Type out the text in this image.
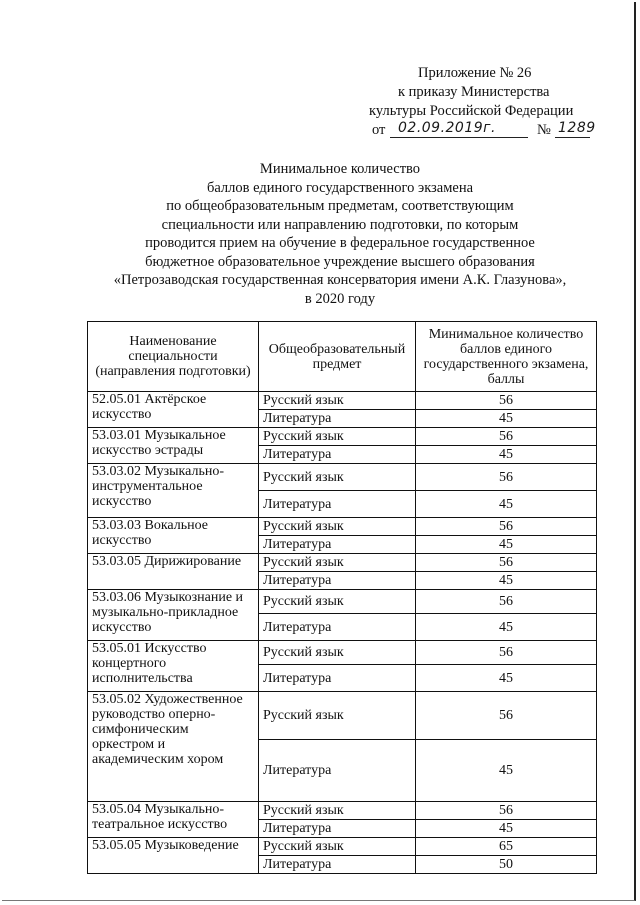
Приложение № 26
к приказу Министерства
культуры Российской Федерации
от 02.09.2019г.	№ 1289
Минимальное количество
баллов единого государственного экзамена
по общеобразовательным предметам, соответствующим
специальности или направлению подготовки, по которым
проводится прием на обучение в федеральное государственное
бюджетное образовательное учреждение высшего образования
«Петрозаводская государственная консерватория имени А.К. Глазунова»,
в 2020 году
Наименование специальности (направления подготовки)	Общеобразовательный предмет	Минимальное количество баллов единого государственного экзамена, баллы
52.05.01 Актёрское искусство	Русский язык	56
	Литература	45
53.03.01 Музыкальное искусство эстрады	Русский язык	56
	Литература	45
53.03.02 Музыкально-инструментальное искусство	Русский язык	56
	Литература	45
53.03.03 Вокальное искусство	Русский язык	56
	Литература	45
53.03.05 Дирижирование	Русский язык	56
	Литература	45
53.03.06 Музыкознание и музыкально-прикладное искусство	Русский язык	56
	Литература	45
53.05.01 Искусство концертного исполнительства	Русский язык	56
	Литература	45
53.05.02 Художественное руководство оперно-симфоническим оркестром и академическим хором	Русский язык	56
	Литература	45
53.05.04 Музыкально-театральное искусство	Русский язык	56
	Литература	45
53.05.05 Музыковедение	Русский язык	65
	Литература	50
